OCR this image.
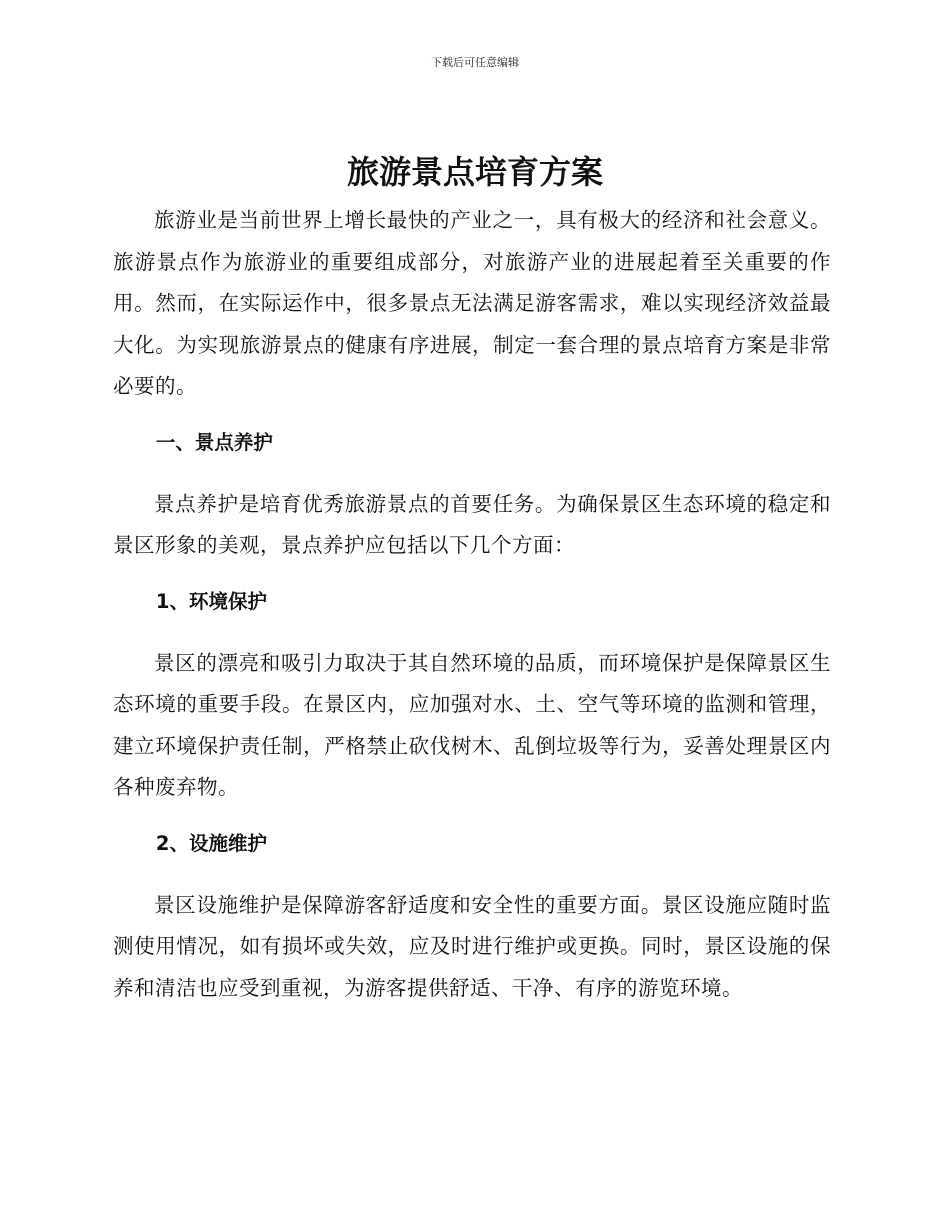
下载后可任意编辑
旅游景点培育方案

旅游业是当前世界上增长最快的产业之一，具有极大的经济和社会意义。旅游景点作为旅游业的重要组成部分，对旅游产业的进展起着至关重要的作用。然而，在实际运作中，很多景点无法满足游客需求，难以实现经济效益最大化。为实现旅游景点的健康有序进展，制定一套合理的景点培育方案是非常必要的。

一、景点养护

景点养护是培育优秀旅游景点的首要任务。为确保景区生态环境的稳定和景区形象的美观，景点养护应包括以下几个方面：

1、环境保护

景区的漂亮和吸引力取决于其自然环境的品质，而环境保护是保障景区生态环境的重要手段。在景区内，应加强对水、土、空气等环境的监测和管理，建立环境保护责任制，严格禁止砍伐树木、乱倒垃圾等行为，妥善处理景区内各种废弃物。

2、设施维护

景区设施维护是保障游客舒适度和安全性的重要方面。景区设施应随时监测使用情况，如有损坏或失效，应及时进行维护或更换。同时，景区设施的保养和清洁也应受到重视，为游客提供舒适、干净、有序的游览环境。
